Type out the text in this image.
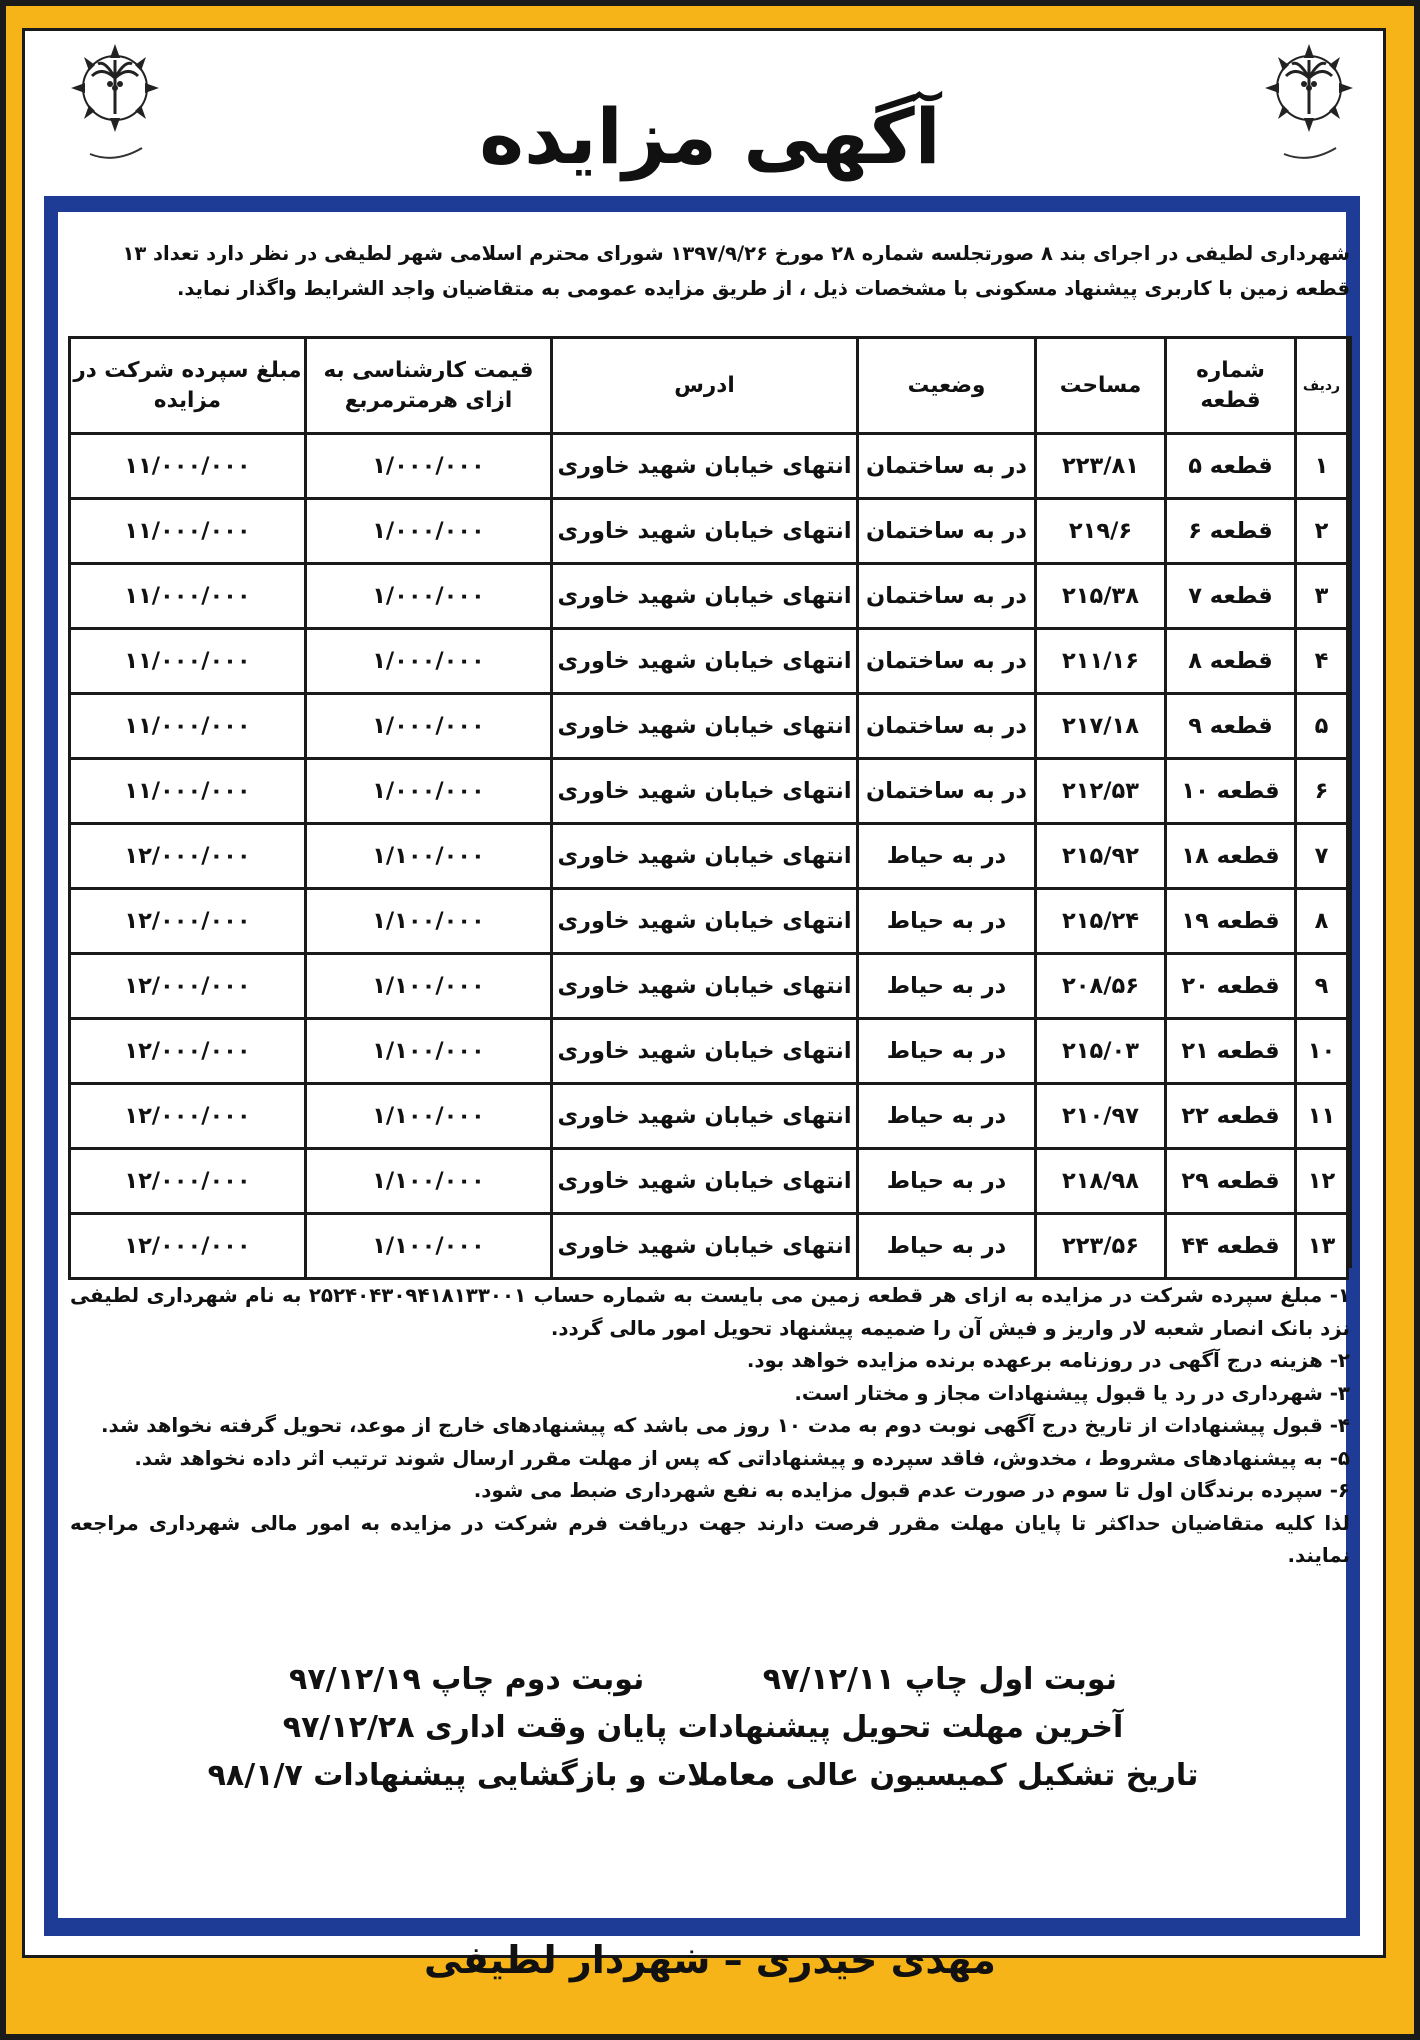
آگهی مزایده
شهرداری لطیفی در اجرای بند ۸ صورتجلسه شماره ۲۸ مورخ ۱۳۹۷/۹/۲۶ شورای محترم اسلامی شهر لطیفی در نظر دارد تعداد ۱۳ قطعه زمین با کاربری پیشنهاد مسکونی با مشخصات ذیل ، از طریق مزایده عمومی به متقاضیان واجد الشرایط واگذار نماید.
ردیف	شماره قطعه	مساحت	وضعیت	ادرس	قیمت کارشناسی به ازای هرمترمربع	مبلغ سپرده شرکت در مزایده
۱	قطعه ۵	۲۲۳/۸۱	در به ساختمان	انتهای خیابان شهید خاوری	۱/۰۰۰/۰۰۰	۱۱/۰۰۰/۰۰۰
۲	قطعه ۶	۲۱۹/۶	در به ساختمان	انتهای خیابان شهید خاوری	۱/۰۰۰/۰۰۰	۱۱/۰۰۰/۰۰۰
۳	قطعه ۷	۲۱۵/۳۸	در به ساختمان	انتهای خیابان شهید خاوری	۱/۰۰۰/۰۰۰	۱۱/۰۰۰/۰۰۰
۴	قطعه ۸	۲۱۱/۱۶	در به ساختمان	انتهای خیابان شهید خاوری	۱/۰۰۰/۰۰۰	۱۱/۰۰۰/۰۰۰
۵	قطعه ۹	۲۱۷/۱۸	در به ساختمان	انتهای خیابان شهید خاوری	۱/۰۰۰/۰۰۰	۱۱/۰۰۰/۰۰۰
۶	قطعه ۱۰	۲۱۲/۵۳	در به ساختمان	انتهای خیابان شهید خاوری	۱/۰۰۰/۰۰۰	۱۱/۰۰۰/۰۰۰
۷	قطعه ۱۸	۲۱۵/۹۲	در به حیاط	انتهای خیابان شهید خاوری	۱/۱۰۰/۰۰۰	۱۲/۰۰۰/۰۰۰
۸	قطعه ۱۹	۲۱۵/۲۴	در به حیاط	انتهای خیابان شهید خاوری	۱/۱۰۰/۰۰۰	۱۲/۰۰۰/۰۰۰
۹	قطعه ۲۰	۲۰۸/۵۶	در به حیاط	انتهای خیابان شهید خاوری	۱/۱۰۰/۰۰۰	۱۲/۰۰۰/۰۰۰
۱۰	قطعه ۲۱	۲۱۵/۰۳	در به حیاط	انتهای خیابان شهید خاوری	۱/۱۰۰/۰۰۰	۱۲/۰۰۰/۰۰۰
۱۱	قطعه ۲۲	۲۱۰/۹۷	در به حیاط	انتهای خیابان شهید خاوری	۱/۱۰۰/۰۰۰	۱۲/۰۰۰/۰۰۰
۱۲	قطعه ۲۹	۲۱۸/۹۸	در به حیاط	انتهای خیابان شهید خاوری	۱/۱۰۰/۰۰۰	۱۲/۰۰۰/۰۰۰
۱۳	قطعه ۴۴	۲۲۳/۵۶	در به حیاط	انتهای خیابان شهید خاوری	۱/۱۰۰/۰۰۰	۱۲/۰۰۰/۰۰۰

۱- مبلغ سپرده شرکت در مزایده به ازای هر قطعه زمین می بایست به شماره حساب ۲۵۲۴۰۴۳۰۹۴۱۸۱۳۳۰۰۱ به نام شهرداری لطیفی نزد بانک انصار شعبه لار واریز و فیش آن را ضمیمه پیشنهاد تحویل امور مالی گردد.

۲- هزینه درج آگهی در روزنامه برعهده برنده مزایده خواهد بود.

۳- شهرداری در رد یا قبول پیشنهادات مجاز و مختار است.

۴- قبول پیشنهادات از تاریخ درج آگهی نوبت دوم به مدت ۱۰ روز می باشد که پیشنهادهای خارج از موعد، تحویل گرفته نخواهد شد.

۵- به پیشنهادهای مشروط ، مخدوش، فاقد سپرده و پیشنهاداتی که پس از مهلت مقرر ارسال شوند ترتیب اثر داده نخواهد شد.

۶- سپرده برندگان اول تا سوم در صورت عدم قبول مزایده به نفع شهرداری ضبط می شود.

لذا کلیه متقاضیان حداکثر تا پایان مهلت مقرر فرصت دارند جهت دریافت فرم شرکت در مزایده به امور مالی شهرداری مراجعه نمایند.

نوبت اول چاپ ۹۷/۱۲/۱۱ نوبت دوم چاپ ۹۷/۱۲/۱۹
آخرین مهلت تحویل پیشنهادات پایان وقت اداری ۹۷/۱۲/۲۸
تاریخ تشکیل کمیسیون عالی معاملات و بازگشایی پیشنهادات ۹۸/۱/۷
مهدی حیدری – شهردار لطیفی
